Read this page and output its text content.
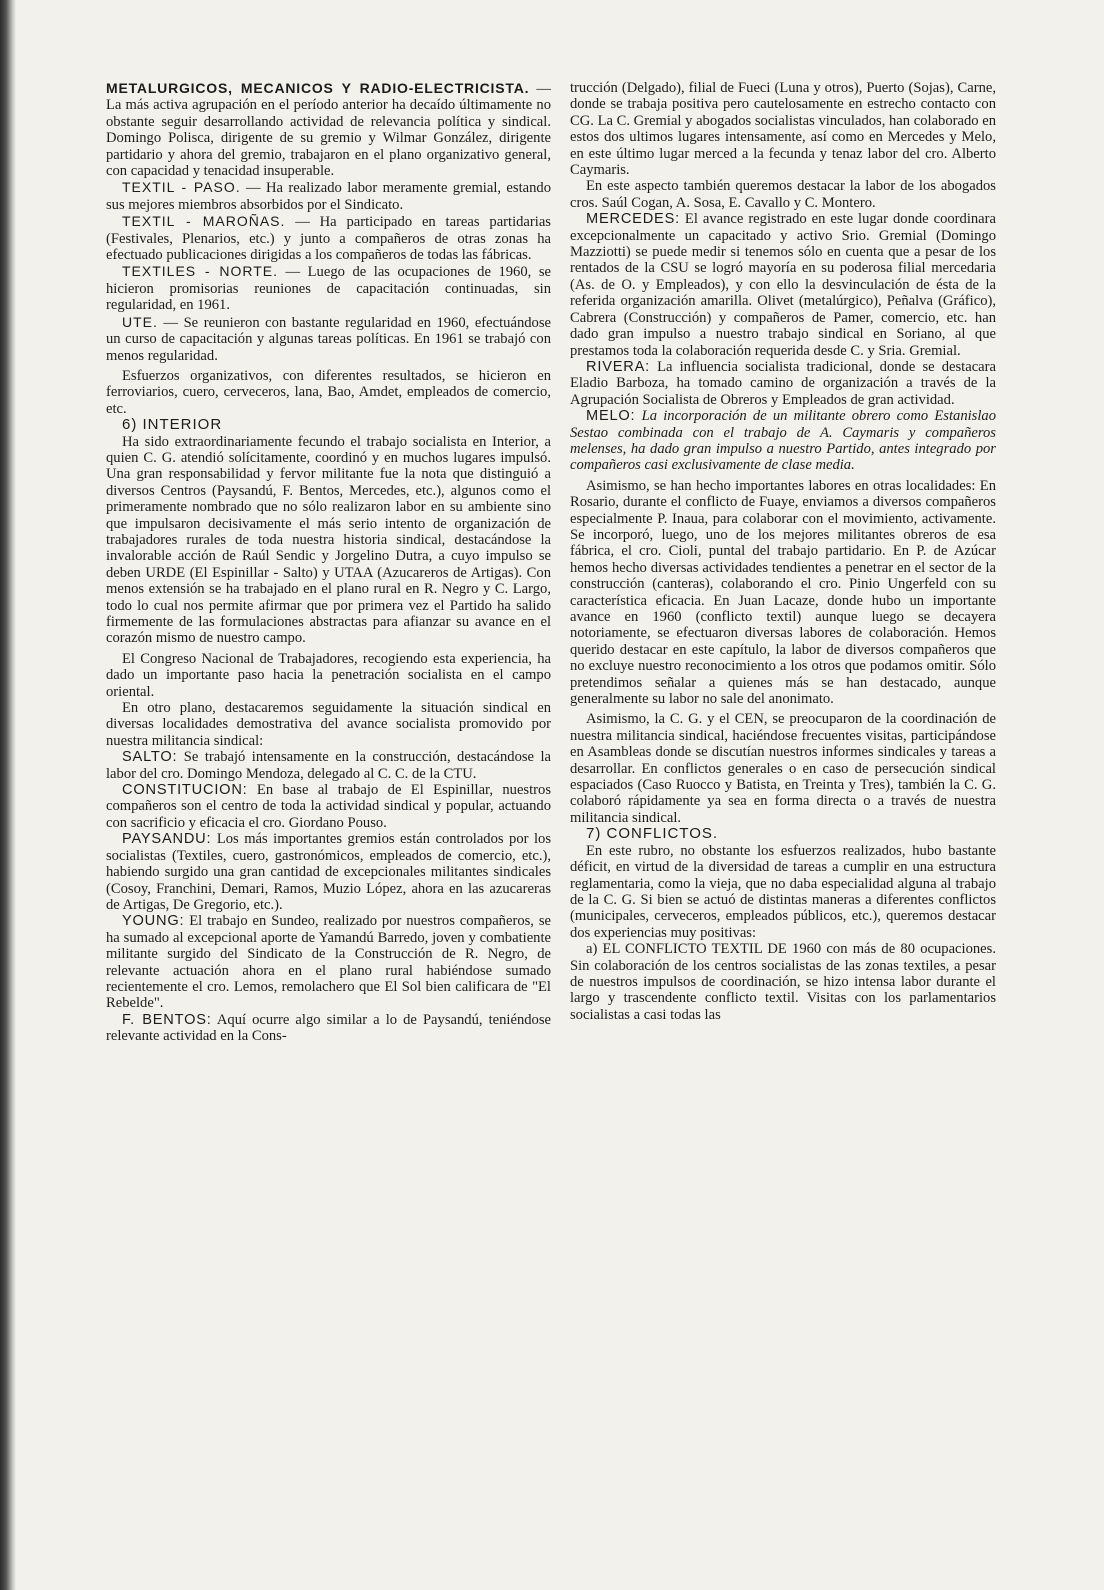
METALURGICOS, MECANICOS Y RADIO-ELECTRICISTA. — La más activa agrupación en el período anterior ha decaído últimamente no obstante seguir desarrollando actividad de relevancia política y sindical. Domingo Polisca, dirigente de su gremio y Wilmar González, dirigente partidario y ahora del gremio, trabajaron en el plano organizativo general, con capacidad y tenacidad insuperable.

TEXTIL - PASO. — Ha realizado labor meramente gremial, estando sus mejores miembros absorbidos por el Sindicato.

TEXTIL - MAROÑAS. — Ha participado en tareas partidarias (Festivales, Plenarios, etc.) y junto a compañeros de otras zonas ha efectuado publicaciones dirigidas a los compañeros de todas las fábricas.

TEXTILES - NORTE. — Luego de las ocupaciones de 1960, se hicieron promisorias reuniones de capacitación continuadas, sin regularidad, en 1961.

UTE. — Se reunieron con bastante regularidad en 1960, efectuándose un curso de capacitación y algunas tareas políticas. En 1961 se trabajó con menos regularidad.

Esfuerzos organizativos, con diferentes resultados, se hicieron en ferroviarios, cuero, cerveceros, lana, Bao, Amdet, empleados de comercio, etc.

6) INTERIOR

Ha sido extraordinariamente fecundo el trabajo socialista en Interior, a quien C. G. atendió solícitamente, coordinó y en muchos lugares impulsó. Una gran responsabilidad y fervor militante fue la nota que distinguió a diversos Centros (Paysandú, F. Bentos, Mercedes, etc.), algunos como el primeramente nombrado que no sólo realizaron labor en su ambiente sino que impulsaron decisivamente el más serio intento de organización de trabajadores rurales de toda nuestra historia sindical, destacándose la invalorable acción de Raúl Sendic y Jorgelino Dutra, a cuyo impulso se deben URDE (El Espinillar - Salto) y UTAA (Azucareros de Artigas). Con menos extensión se ha trabajado en el plano rural en R. Negro y C. Largo, todo lo cual nos permite afirmar que por primera vez el Partido ha salido firmemente de las formulaciones abstractas para afianzar su avance en el corazón mismo de nuestro campo.

El Congreso Nacional de Trabajadores, recogiendo esta experiencia, ha dado un importante paso hacia la penetración socialista en el campo oriental.

En otro plano, destacaremos seguidamente la situación sindical en diversas localidades demostrativa del avance socialista promovido por nuestra militancia sindical:

SALTO: Se trabajó intensamente en la construcción, destacándose la labor del cro. Domingo Mendoza, delegado al C. C. de la CTU.

CONSTITUCION: En base al trabajo de El Espinillar, nuestros compañeros son el centro de toda la actividad sindical y popular, actuando con sacrificio y eficacia el cro. Giordano Pouso.

PAYSANDU: Los más importantes gremios están controlados por los socialistas (Textiles, cuero, gastronómicos, empleados de comercio, etc.), habiendo surgido una gran cantidad de excepcionales militantes sindicales (Cosoy, Franchini, Demari, Ramos, Muzio López, ahora en las azucareras de Artigas, De Gregorio, etc.).

YOUNG: El trabajo en Sundeo, realizado por nuestros compañeros, se ha sumado al excepcional aporte de Yamandú Barredo, joven y combatiente militante surgido del Sindicato de la Construcción de R. Negro, de relevante actuación ahora en el plano rural habiéndose sumado recientemente el cro. Lemos, remolachero que El Sol bien calificara de "El Rebelde".

F. BENTOS: Aquí ocurre algo similar a lo de Paysandú, teniéndose relevante actividad en la Cons-

trucción (Delgado), filial de Fueci (Luna y otros), Puerto (Sojas), Carne, donde se trabaja positiva pero cautelosamente en estrecho contacto con CG. La C. Gremial y abogados socialistas vinculados, han colaborado en estos dos ultimos lugares intensamente, así como en Mercedes y Melo, en este último lugar merced a la fecunda y tenaz labor del cro. Alberto Caymaris.

En este aspecto también queremos destacar la labor de los abogados cros. Saúl Cogan, A. Sosa, E. Cavallo y C. Montero.

MERCEDES: El avance registrado en este lugar donde coordinara excepcionalmente un capacitado y activo Srio. Gremial (Domingo Mazziotti) se puede medir si tenemos sólo en cuenta que a pesar de los rentados de la CSU se logró mayoría en su poderosa filial mercedaria (As. de O. y Empleados), y con ello la desvinculación de ésta de la referida organización amarilla. Olivet (metalúrgico), Peñalva (Gráfico), Cabrera (Construcción) y compañeros de Pamer, comercio, etc. han dado gran impulso a nuestro trabajo sindical en Soriano, al que prestamos toda la colaboración requerida desde C. y Sria. Gremial.

RIVERA: La influencia socialista tradicional, donde se destacara Eladio Barboza, ha tomado camino de organización a través de la Agrupación Socialista de Obreros y Empleados de gran actividad.

MELO: La incorporación de un militante obrero como Estanislao Sestao combinada con el trabajo de A. Caymaris y compañeros melenses, ha dado gran impulso a nuestro Partido, antes integrado por compañeros casi exclusivamente de clase media.

Asimismo, se han hecho importantes labores en otras localidades: En Rosario, durante el conflicto de Fuaye, enviamos a diversos compañeros especialmente P. Inaua, para colaborar con el movimiento, activamente. Se incorporó, luego, uno de los mejores militantes obreros de esa fábrica, el cro. Cioli, puntal del trabajo partidario. En P. de Azúcar hemos hecho diversas actividades tendientes a penetrar en el sector de la construcción (canteras), colaborando el cro. Pinio Ungerfeld con su característica eficacia. En Juan Lacaze, donde hubo un importante avance en 1960 (conflicto textil) aunque luego se decayera notoriamente, se efectuaron diversas labores de colaboración. Hemos querido destacar en este capítulo, la labor de diversos compañeros que no excluye nuestro reconocimiento a los otros que podamos omitir. Sólo pretendimos señalar a quienes más se han destacado, aunque generalmente su labor no sale del anonimato.

Asimismo, la C. G. y el CEN, se preocuparon de la coordinación de nuestra militancia sindical, haciéndose frecuentes visitas, participándose en Asambleas donde se discutían nuestros informes sindicales y tareas a desarrollar. En conflictos generales o en caso de persecución sindical espaciados (Caso Ruocco y Batista, en Treinta y Tres), también la C. G. colaboró rápidamente ya sea en forma directa o a través de nuestra militancia sindical.

7) CONFLICTOS.

En este rubro, no obstante los esfuerzos realizados, hubo bastante déficit, en virtud de la diversidad de tareas a cumplir en una estructura reglamentaria, como la vieja, que no daba especialidad alguna al trabajo de la C. G. Si bien se actuó de distintas maneras a diferentes conflictos (municipales, cerveceros, empleados públicos, etc.), queremos destacar dos experiencias muy positivas:

a) EL CONFLICTO TEXTIL DE 1960 con más de 80 ocupaciones. Sin colaboración de los centros socialistas de las zonas textiles, a pesar de nuestros impulsos de coordinación, se hizo intensa labor durante el largo y trascendente conflicto textil. Visitas con los parlamentarios socialistas a casi todas las
